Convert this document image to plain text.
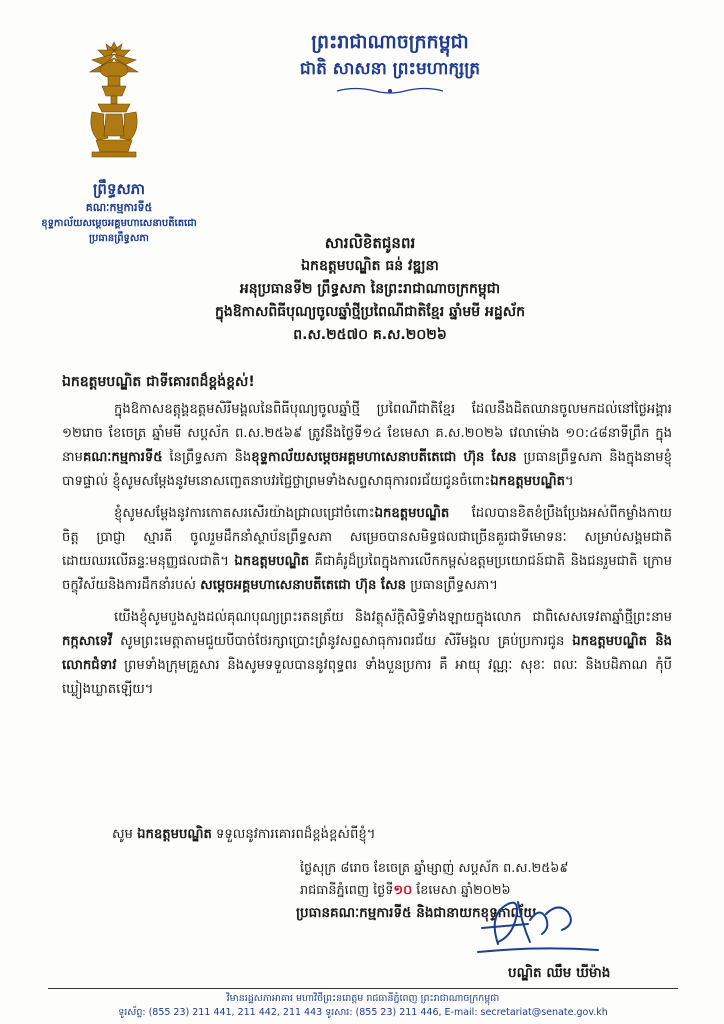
ព្រះរាជាណាចក្រកម្ពុជា
ជាតិ សាសនា ព្រះមហាក្សត្រ
ព្រឹទ្ធសភា
គណៈកម្មការទី៥
ខុទ្ទកាល័យសម្តេចអគ្គមហាសេនាបតីតេជោ
ប្រធានព្រឹទ្ធសភា	សារលិខិតជូនពរ
ឯកឧត្តមបណ្ឌិត ធន់ វឌ្ឍនា
អនុប្រធានទី២ ព្រឹទ្ធសភា នៃព្រះរាជាណាចក្រកម្ពុជា
ក្នុងឱកាសពិធីបុណ្យចូលឆ្នាំថ្មីប្រពៃណីជាតិខ្មែរ ឆ្នាំមមី អដ្ឋស័ក
ព.ស.២៥៧០ គ.ស.២០២៦
ឯកឧត្តមបណ្ឌិត ជាទីគោរពដ៏ខ្ពង់ខ្ពស់!

ក្នុងឱកាសឧត្តុង្គឧត្តមសិរីមង្គលនៃពិធីបុណ្យចូលឆ្នាំថ្មី ប្រពៃណីជាតិខ្មែរ ដែលនឹងដិតឈានចូលមកដល់នៅថ្ងៃអង្គារ ១២រោច ខែចេត្រ ឆ្នាំមមី សប្តស័ក ព.ស.២៥៦៩ ត្រូវនឹងថ្ងៃទី១៤ ខែមេសា គ.ស.២០២៦ វេលាម៉ោង ១០:៤៨នាទីព្រឹក ក្នុងនាមគណៈកម្មការទី៥ នៃព្រឹទ្ធសភា និងខុទ្ទកាល័យសម្តេចអគ្គមហាសេនាបតីតេជោ ហ៊ុន សែន ប្រធានព្រឹទ្ធសភា និងក្នុងនាមខ្ញុំបាទផ្ទាល់ ខ្ញុំសូមសម្តែងនូវមនោសញ្ចេតនាបវរជ្ជៃថ្លាព្រមទាំងសព្ទសាធុការពរជ័យជូនចំពោះឯកឧត្តមបណ្ឌិត។

ខ្ញុំសូមសម្តែងនូវការកោតសរសើរយ៉ាងជ្រាលជ្រៅចំពោះឯកឧត្តមបណ្ឌិត ដែលបានខិតខំប្រឹងប្រែងអស់ពីកម្លាំងកាយ ចិត្ត ប្រាជ្ញា ស្មារតី ចូលរួមដឹកនាំស្ថាប័នព្រឹទ្ធសភា សម្រេចបានសមិទ្ធផលជាច្រើនគួរជាទីមោទនៈ សម្រាប់សង្គមជាតិ ដោយឈរលើឆន្ទៈមនុញ្ញផលជាតិ។ ឯកឧត្តមបណ្ឌិត គឺជាគំរូដ៏ប្រពៃក្នុងការលើកកម្ពស់ឧត្តមប្រយោជន៍ជាតិ និងជនរួមជាតិ ក្រោមចក្ខុវិស័យនិងការដឹកនាំរបស់ សម្តេចអគ្គមហាសេនាបតីតេជោ ហ៊ុន សែន ប្រធានព្រឹទ្ធសភា។

យើងខ្ញុំសូមបួងសួងដល់គុណបុណ្យព្រះរតនត្រ័យ និងវត្ថុស័ក្តិសិទ្ធិទាំងឡាយក្នុងលោក ជាពិសេសទេវតាឆ្នាំថ្មីព្រះនាម កក្កសាទេវី សូមព្រះមេត្តាតាមជួយបីបាច់ថែរក្សាប្រោះព្រំនូវសព្ទសាធុការពរជ័យ សិរីមង្គល គ្រប់ប្រការជូន ឯកឧត្តមបណ្ឌិត និងលោកជំទាវ ព្រមទាំងក្រុមគ្រួសារ និងសូមទទួលបាននូវពុទ្ធពរ ទាំងបួនប្រការ គឺ អាយុ វណ្ណៈ សុខៈ ពលៈ និងបដិភាណ កុំបីឃ្លៀងឃ្លាតឡើយ។

សូម ឯកឧត្តមបណ្ឌិត ទទួលនូវការគោរពដ៏ខ្ពង់ខ្ពស់ពីខ្ញុំ។
ថ្ងៃសុក្រ ៨រោច ខែចេត្រ ឆ្នាំម្សាញ់ សប្តស័ក ព.ស.២៥៦៩
រាជធានីភ្នំពេញ ថ្ងៃទី១០ ខែមេសា ឆ្នាំ២០២៦
ប្រធានគណៈកម្មការទី៥ និងជានាយកខុទ្ទកាល័យ
បណ្ឌិត ឈឹម ឃីម៉ាង
វិមានរដ្ឋសភាអាគារ មហាវិថីព្រះនរោត្តម រាជធានីភ្នំពេញ ព្រះរាជាណាចក្រកម្ពុជា
ទូរស័ព្ទ: (855 23) 211 441, 211 442, 211 443 ទូរសារ: (855 23) 211 446, E-mail: secretariat@senate.gov.kh
